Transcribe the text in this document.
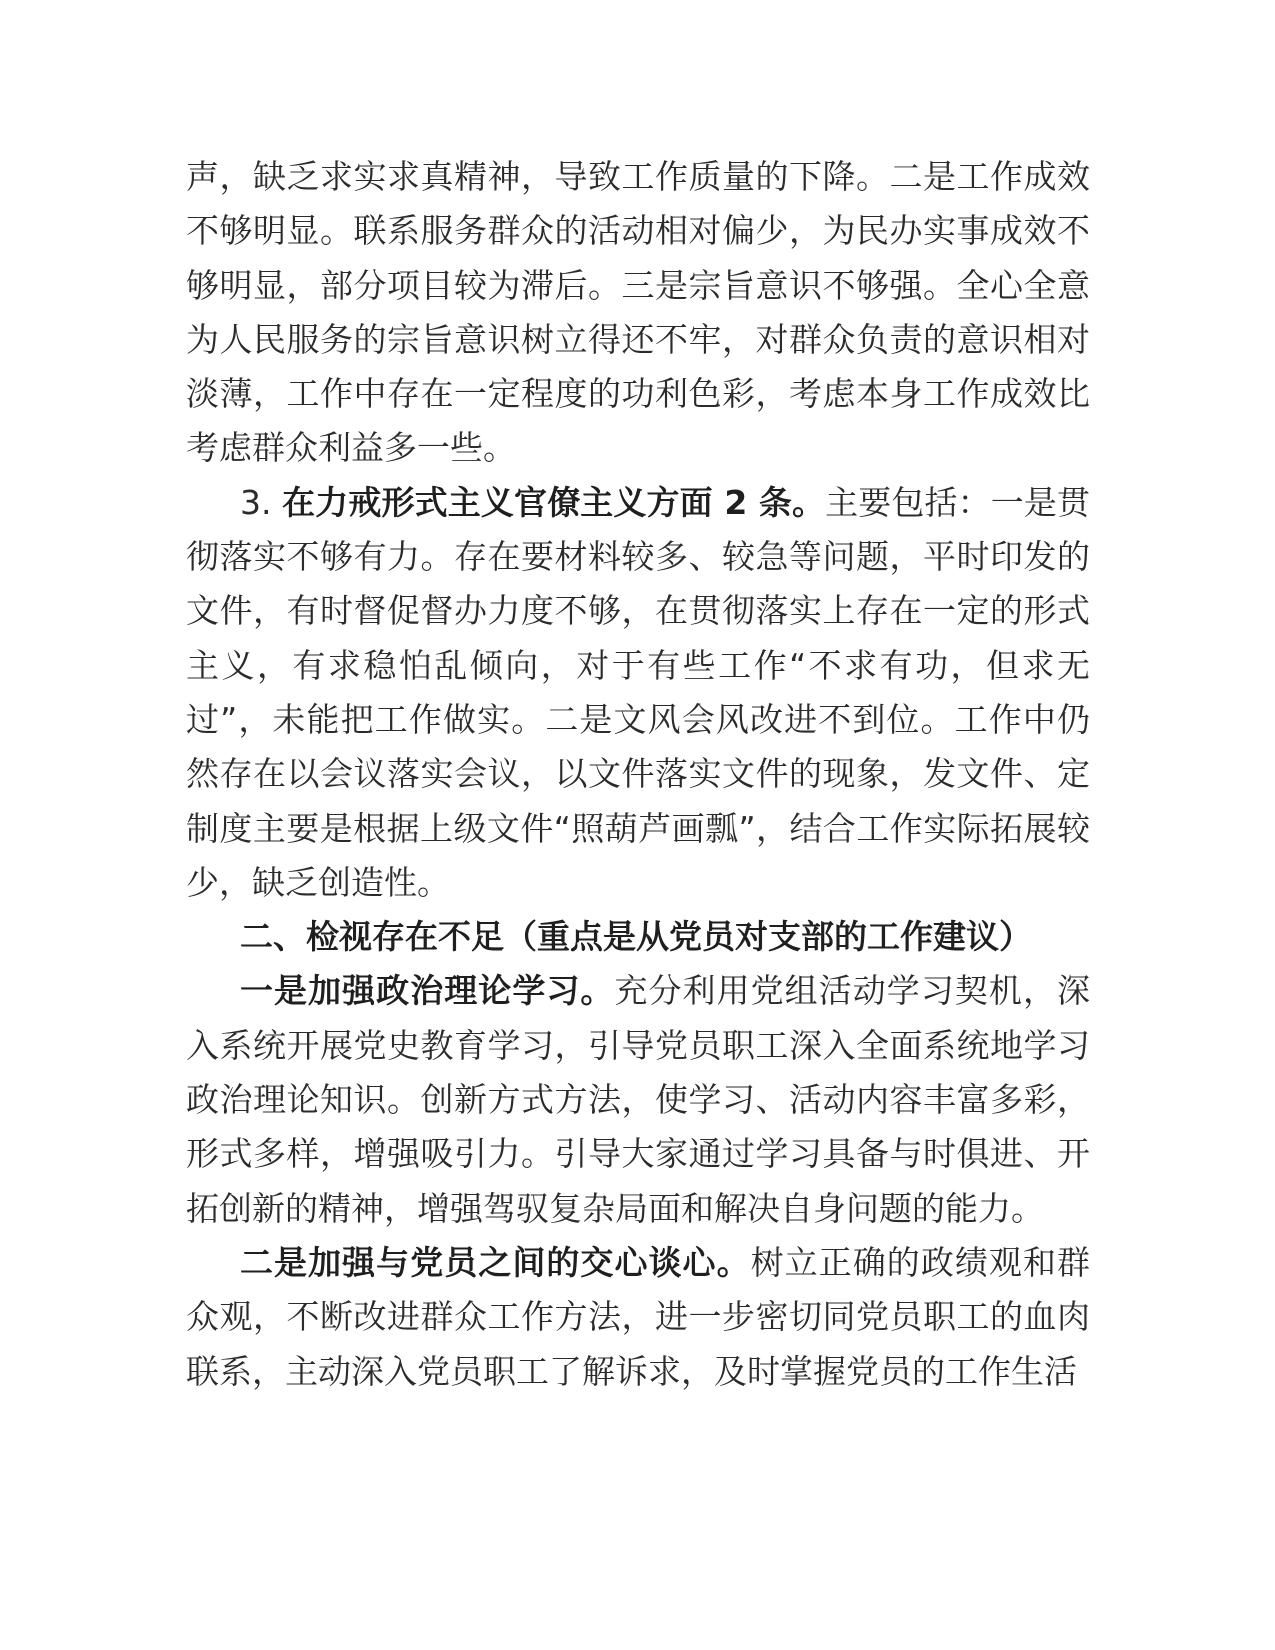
声，缺乏求实求真精神，导致工作质量的下降。二是工作成效不够明显。联系服务群众的活动相对偏少，为民办实事成效不够明显，部分项目较为滞后。三是宗旨意识不够强。全心全意为人民服务的宗旨意识树立得还不牢，对群众负责的意识相对淡薄，工作中存在一定程度的功利色彩，考虑本身工作成效比考虑群众利益多一些。

3. 在力戒形式主义官僚主义方面 2 条。主要包括：一是贯彻落实不够有力。存在要材料较多、较急等问题，平时印发的文件，有时督促督办力度不够，在贯彻落实上存在一定的形式主义，有求稳怕乱倾向，对于有些工作“不求有功，但求无过”，未能把工作做实。二是文风会风改进不到位。工作中仍然存在以会议落实会议，以文件落实文件的现象，发文件、定制度主要是根据上级文件“照葫芦画瓢”，结合工作实际拓展较少，缺乏创造性。

二、检视存在不足（重点是从党员对支部的工作建议）

一是加强政治理论学习。充分利用党组活动学习契机，深入系统开展党史教育学习，引导党员职工深入全面系统地学习政治理论知识。创新方式方法，使学习、活动内容丰富多彩，形式多样，增强吸引力。引导大家通过学习具备与时俱进、开拓创新的精神，增强驾驭复杂局面和解决自身问题的能力。

二是加强与党员之间的交心谈心。树立正确的政绩观和群众观，不断改进群众工作方法，进一步密切同党员职工的血肉联系，主动深入党员职工了解诉求，及时掌握党员的工作生活
